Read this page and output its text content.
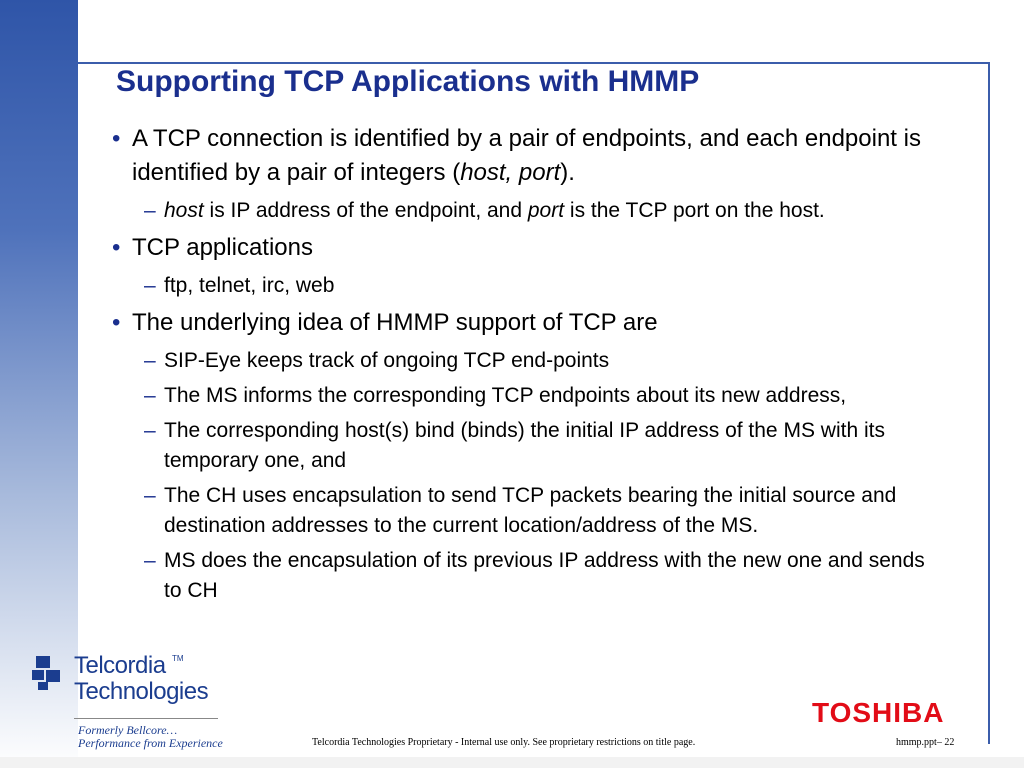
Supporting TCP Applications with HMMP
• A TCP connection is identified by a pair of endpoints, and each endpoint is identified by a pair of integers (host, port).
– host is IP address of the endpoint, and port is the TCP port on the host.
• TCP applications
– ftp, telnet, irc, web
• The underlying idea of HMMP support of TCP are
– SIP-Eye keeps track of ongoing TCP end-points
– The MS informs the corresponding TCP endpoints about its new address,
– The corresponding host(s) bind (binds) the initial IP address of the MS with its temporary one, and
– The CH uses encapsulation to send TCP packets bearing the initial source and destination addresses to the current location/address of the MS.
– MS does the encapsulation of its previous IP address with the new one and sends to CH
Telcordia TM
Technologies
Formerly Bellcore…
Performance from Experience
TOSHIBA
Telcordia Technologies Proprietary - Internal use only. See proprietary restrictions on title page.	hmmp.ppt– 22
